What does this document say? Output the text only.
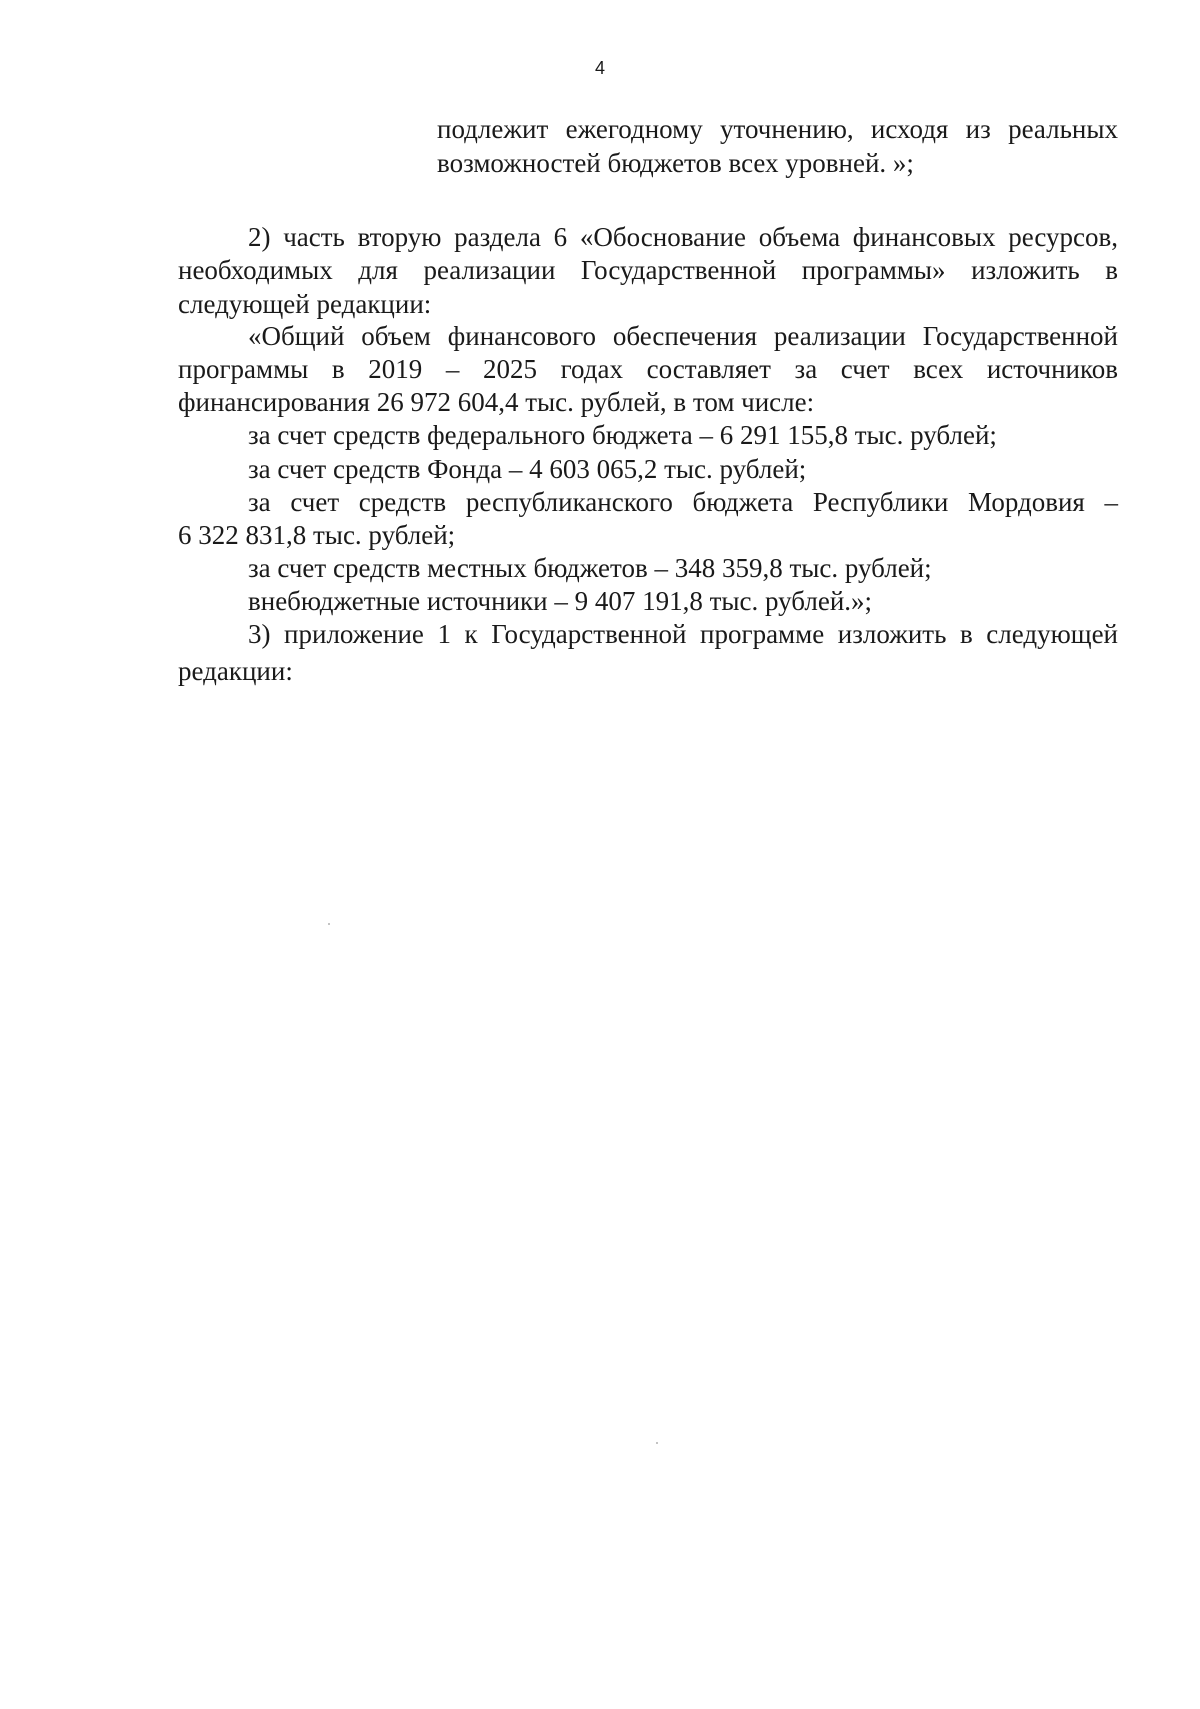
4
подлежит ежегодному уточнению, исходя из реальных
возможностей бюджетов всех уровней. »;
2) часть вторую раздела 6 «Обоснование объема финансовых ресурсов,
необходимых для реализации Государственной программы» изложить в
следующей редакции:
«Общий объем финансового обеспечения реализации Государственной
программы в 2019 – 2025 годах составляет за счет всех источников
финансирования 26 972 604,4 тыс. рублей, в том числе:
за счет средств федерального бюджета – 6 291 155,8 тыс. рублей;
за счет средств Фонда – 4 603 065,2 тыс. рублей;
за счет средств республиканского бюджета Республики Мордовия –
6 322 831,8 тыс. рублей;
за счет средств местных бюджетов – 348 359,8 тыс. рублей;
внебюджетные источники – 9 407 191,8 тыс. рублей.»;
3) приложение 1 к Государственной программе изложить в следующей
редакции:
